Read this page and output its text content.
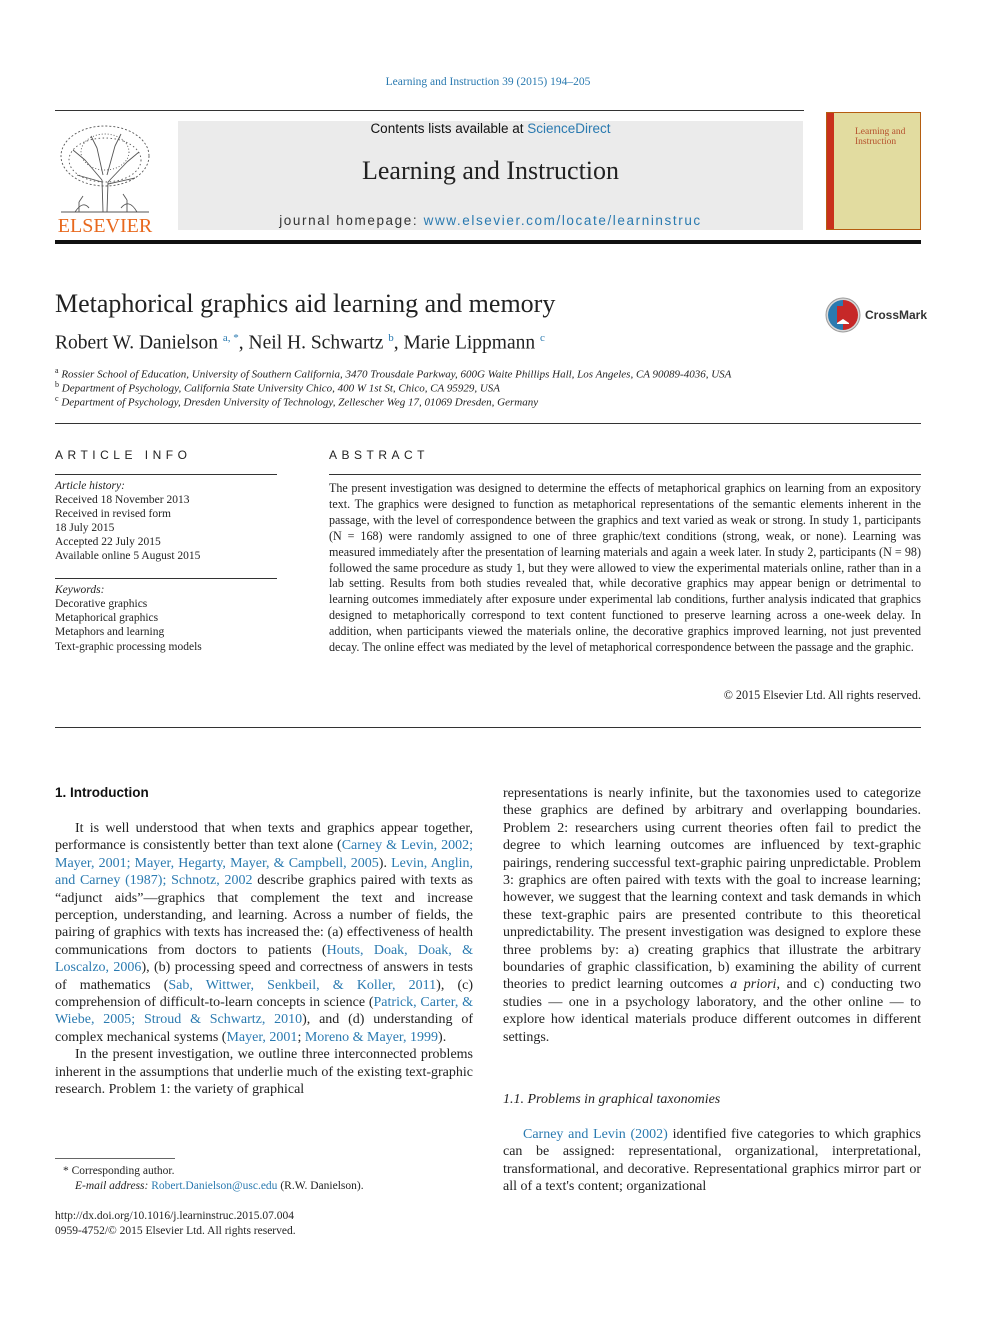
Learning and Instruction 39 (2015) 194–205
ELSEVIER
Contents lists available at ScienceDirect
Learning and Instruction
journal homepage: www.elsevier.com/locate/learninstruc
Learning and Instruction
Metaphorical graphics aid learning and memory	CrossMark
Robert W. Danielson $^{a, *}$, Neil H. Schwartz $^b$, Marie Lippmann $^c$
$^a$ Rossier School of Education, University of Southern California, 3470 Trousdale Parkway, 600G Waite Phillips Hall, Los Angeles, CA 90089-4036, USA
$^b$ Department of Psychology, California State University Chico, 400 W 1st St, Chico, CA 95929, USA
$^c$ Department of Psychology, Dresden University of Technology, Zellescher Weg 17, 01069 Dresden, Germany
ARTICLE INFO
Article history:
Received 18 November 2013
Received in revised form
18 July 2015
Accepted 22 July 2015
Available online 5 August 2015
Keywords:
Decorative graphics
Metaphorical graphics
Metaphors and learning
Text-graphic processing models
ABSTRACT
The present investigation was designed to determine the effects of metaphorical graphics on learning from an expository text. The graphics were designed to function as metaphorical representations of the semantic elements inherent in the passage, with the level of correspondence between the graphics and text varied as weak or strong. In study 1, participants (N = 168) were randomly assigned to one of three graphic/text conditions (strong, weak, or none). Learning was measured immediately after the presentation of learning materials and again a week later. In study 2, participants (N = 98) followed the same procedure as study 1, but they were allowed to view the experimental materials online, rather than in a lab setting. Results from both studies revealed that, while decorative graphics may appear benign or detrimental to learning outcomes immediately after exposure under experimental lab conditions, further analysis indicated that graphics designed to metaphorically correspond to text content functioned to preserve learning across a one-week delay. In addition, when participants viewed the materials online, the decorative graphics improved learning, not just prevented decay. The online effect was mediated by the level of metaphorical correspondence between the passage and the graphic.
© 2015 Elsevier Ltd. All rights reserved.
1. Introduction

It is well understood that when texts and graphics appear together, performance is consistently better than text alone (Carney & Levin, 2002; Mayer, 2001; Mayer, Hegarty, Mayer, & Campbell, 2005). Levin, Anglin, and Carney (1987); Schnotz, 2002 describe graphics paired with texts as “adjunct aids”—graphics that complement the text and increase perception, understanding, and learning. Across a number of fields, the pairing of graphics with texts has increased the: (a) effectiveness of health communications from doctors to patients (Houts, Doak, Doak, & Loscalzo, 2006), (b) processing speed and correctness of answers in tests of mathematics (Sab, Wittwer, Senkbeil, & Koller, 2011), (c) comprehension of difficult-to-learn concepts in science (Patrick, Carter, & Wiebe, 2005; Stroud & Schwartz, 2010), and (d) understanding of complex mechanical systems (Mayer, 2001; Moreno & Mayer, 1999).

In the present investigation, we outline three interconnected problems inherent in the assumptions that underlie much of the existing text-graphic research. Problem 1: the variety of graphical

representations is nearly infinite, but the taxonomies used to categorize these graphics are defined by arbitrary and overlapping boundaries. Problem 2: researchers using current theories often fail to predict the degree to which learning outcomes are influenced by text-graphic pairings, rendering successful text-graphic pairing unpredictable. Problem 3: graphics are often paired with texts with the goal to increase learning; however, we suggest that the learning context and task demands in which these text-graphic pairs are presented contribute to this theoretical unpredictability. The present investigation was designed to explore these three problems by: a) creating graphics that illustrate the arbitrary boundaries of graphic classification, b) examining the ability of current theories to predict learning outcomes a priori, and c) conducting two studies — one in a psychology laboratory, and the other online — to explore how identical materials produce different outcomes in different settings.

1.1. Problems in graphical taxonomies

Carney and Levin (2002) identified five categories to which graphics can be assigned: representational, organizational, interpretational, transformational, and decorative. Representational graphics mirror part or all of a text's content; organizational

* Corresponding author.
E-mail address: Robert.Danielson@usc.edu (R.W. Danielson).
http://dx.doi.org/10.1016/j.learninstruc.2015.07.004
0959-4752/© 2015 Elsevier Ltd. All rights reserved.
